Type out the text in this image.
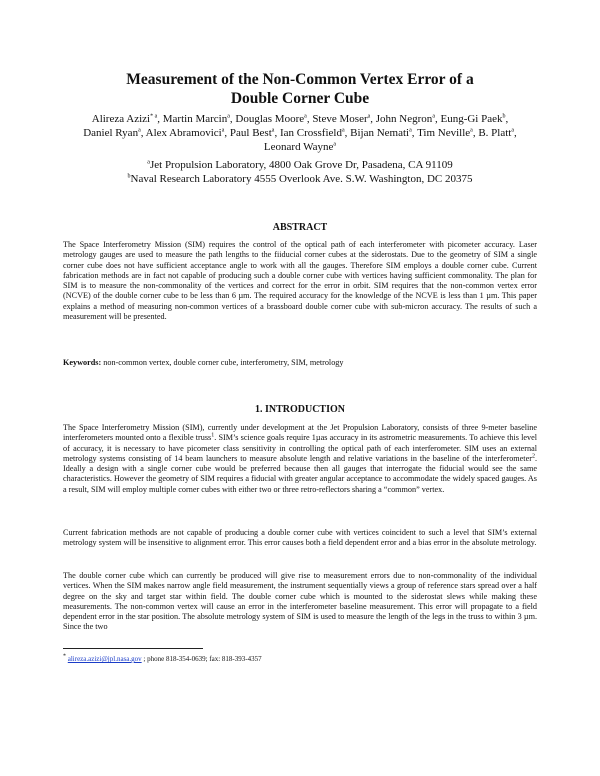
Measurement of the Non-Common Vertex Error of a
Double Corner Cube
Alireza Azizi$^{* a}$, Martin Marcin$^a$, Douglas Moore$^a$, Steve Moser$^a$, John Negron$^a$, Eung-Gi Paek$^b$,
Daniel Ryan$^a$, Alex Abramovici$^a$, Paul Best$^a$, Ian Crossfield$^a$, Bijan Nemati$^a$, Tim Neville$^a$, B. Platt$^a$,
Leonard Wayne$^a$
$^a$Jet Propulsion Laboratory, 4800 Oak Grove Dr, Pasadena, CA 91109
$^b$Naval Research Laboratory 4555 Overlook Ave. S.W. Washington, DC 20375
ABSTRACT
The Space Interferometry Mission (SIM) requires the control of the optical path of each interferometer with picometer accuracy. Laser metrology gauges are used to measure the path lengths to the fiiducial corner cubes at the siderostats. Due to the geometry of SIM a single corner cube does not have sufficient acceptance angle to work with all the gauges. Therefore SIM employs a double corner cube. Current fabrication methods are in fact not capable of producing such a double corner cube with vertices having sufficient commonality. The plan for SIM is to measure the non-commonality of the vertices and correct for the error in orbit. SIM requires that the non-common vertex error (NCVE) of the double corner cube to be less than 6 µm. The required accuracy for the knowledge of the NCVE is less than 1 µm. This paper explains a method of measuring non-common vertices of a brassboard double corner cube with sub-micron accuracy. The results of such a measurement will be presented.
Keywords: non-common vertex, double corner cube, interferometry, SIM, metrology
1. INTRODUCTION
The Space Interferometry Mission (SIM), currently under development at the Jet Propulsion Laboratory, consists of three 9-meter baseline interferometers mounted onto a flexible truss$^1$. SIM’s science goals require 1µas accuracy in its astrometric measurements. To achieve this level of accuracy, it is necessary to have picometer class sensitivity in controlling the optical path of each interferometer. SIM uses an external metrology systems consisting of 14 beam launchers to measure absolute length and relative variations in the baseline of the interferometer$^2$. Ideally a design with a single corner cube would be preferred because then all gauges that interrogate the fiducial would see the same characteristics. However the geometry of SIM requires a fiducial with greater angular acceptance to accommodate the widely spaced gauges. As a result, SIM will employ multiple corner cubes with either two or three retro-reflectors sharing a “common” vertex.
Current fabrication methods are not capable of producing a double corner cube with vertices coincident to such a level that SIM’s external metrology system will be insensitive to alignment error. This error causes both a field dependent error and a bias error in the absolute metrology.
The double corner cube which can currently be produced will give rise to measurement errors due to non-commonality of the individual vertices. When the SIM makes narrow angle field measurement, the instrument sequentially views a group of reference stars spread over a half degree on the sky and target star within field. The double corner cube which is mounted to the siderostat slews while making these measurements. The non-common vertex will cause an error in the interferometer baseline measurement. This error will propagate to a field dependent error in the star position. The absolute metrology system of SIM is used to measure the length of the legs in the truss to within 3 µm. Since the two
* alireza.azizi@jpl.nasa.gov ; phone 818-354-0639; fax: 818-393-4357
